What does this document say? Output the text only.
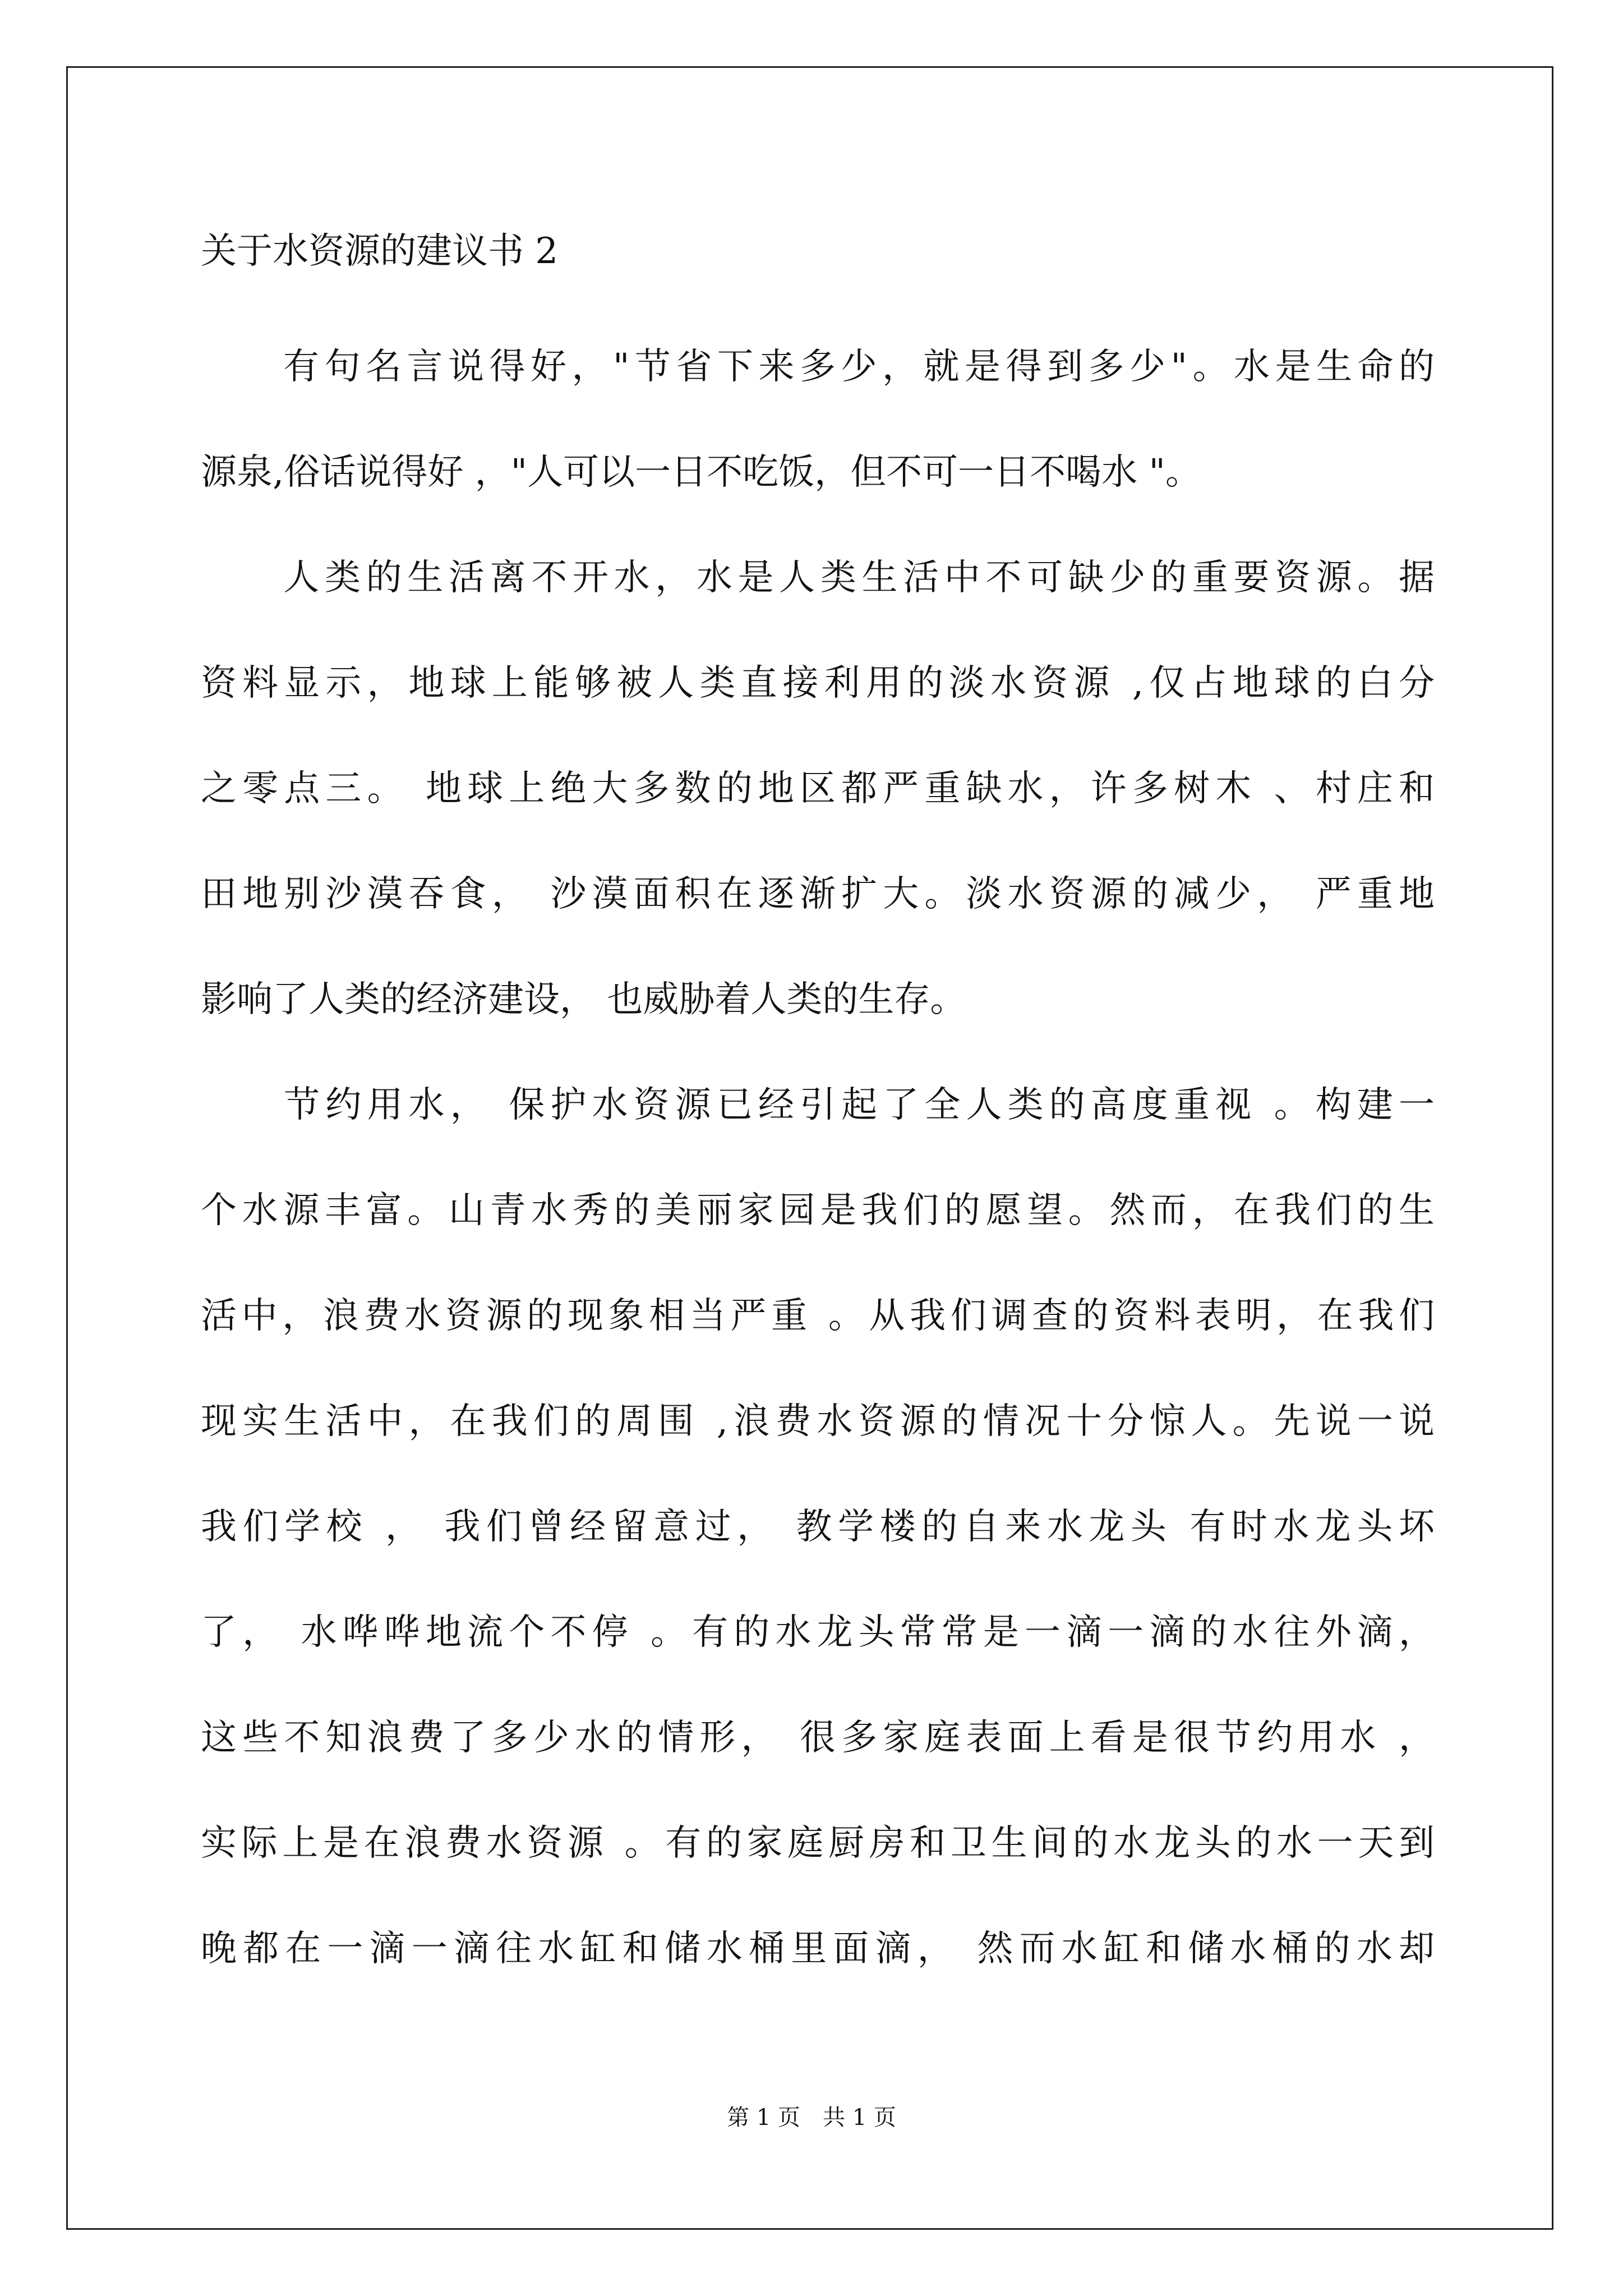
关于水资源的建议书 2
　　有句名言说得好，"节省下来多少，就是得到多少"。水是生命的
源泉,俗话说得好 ，"人可以一日不吃饭，但不可一日不喝水 "。
　　人类的生活离不开水，水是人类生活中不可缺少的重要资源。据
资料显示，地球上能够被人类直接利用的淡水资源 ,仅占地球的白分
之零点三。 地球上绝大多数的地区都严重缺水，许多树木 、村庄和
田地别沙漠吞食， 沙漠面积在逐渐扩大。淡水资源的减少， 严重地
影响了人类的经济建设， 也威胁着人类的生存。
　　节约用水， 保护水资源已经引起了全人类的高度重视 。构建一
个水源丰富。山青水秀的美丽家园是我们的愿望。然而，在我们的生
活中，浪费水资源的现象相当严重 。从我们调查的资料表明，在我们
现实生活中，在我们的周围 ,浪费水资源的情况十分惊人。先说一说
我们学校 ， 我们曾经留意过， 教学楼的自来水龙头 有时水龙头坏
了， 水哗哗地流个不停 。有的水龙头常常是一滴一滴的水往外滴，
这些不知浪费了多少水的情形， 很多家庭表面上看是很节约用水 ，
实际上是在浪费水资源 。有的家庭厨房和卫生间的水龙头的水一天到
晚都在一滴一滴往水缸和储水桶里面滴， 然而水缸和储水桶的水却
第 1 页　共 1 页
